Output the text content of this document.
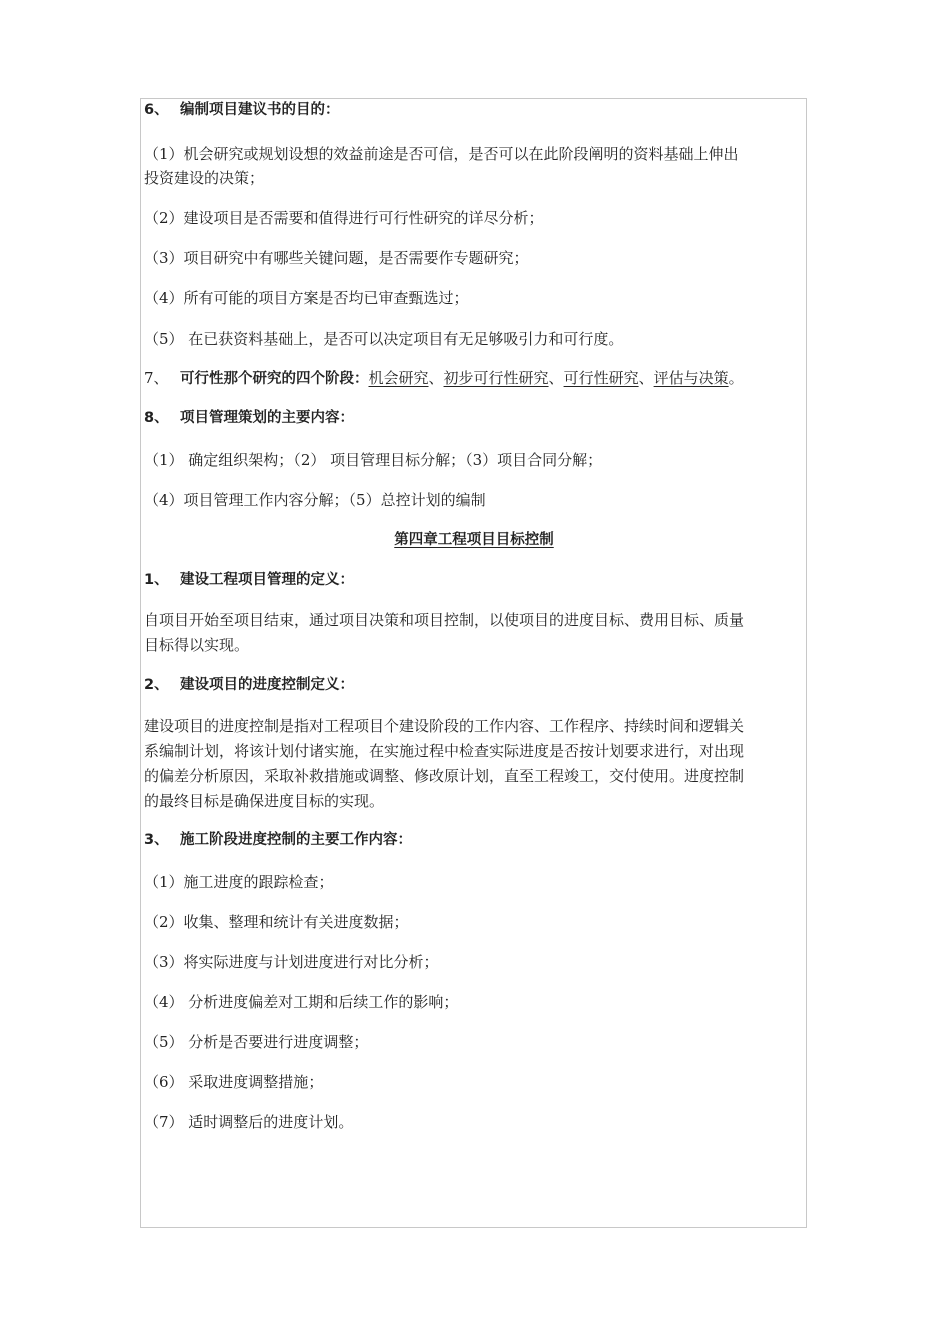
6、 编制项目建议书的目的：
（1）机会研究或规划设想的效益前途是否可信，是否可以在此阶段阐明的资料基础上伸出
投资建设的决策；
（2）建设项目是否需要和值得进行可行性研究的详尽分析；
（3）项目研究中有哪些关键问题，是否需要作专题研究；
（4）所有可能的项目方案是否均已审查甄选过；
（5） 在已获资料基础上，是否可以决定项目有无足够吸引力和可行度。
7、 可行性那个研究的四个阶段：机会研究、初步可行性研究、可行性研究、评估与决策。
8、 项目管理策划的主要内容：
（1） 确定组织架构；（2） 项目管理目标分解；（3）项目合同分解；
（4）项目管理工作内容分解；（5）总控计划的编制
第四章工程项目目标控制
1、 建设工程项目管理的定义：
自项目开始至项目结束，通过项目决策和项目控制，以使项目的进度目标、费用目标、质量
目标得以实现。
2、 建设项目的进度控制定义：
建设项目的进度控制是指对工程项目个建设阶段的工作内容、工作程序、持续时间和逻辑关
系编制计划，将该计划付诸实施，在实施过程中检查实际进度是否按计划要求进行，对出现
的偏差分析原因，采取补救措施或调整、修改原计划，直至工程竣工，交付使用。进度控制
的最终目标是确保进度目标的实现。
3、 施工阶段进度控制的主要工作内容：
（1）施工进度的跟踪检查；
（2）收集、整理和统计有关进度数据；
（3）将实际进度与计划进度进行对比分析；
（4） 分析进度偏差对工期和后续工作的影响；
（5） 分析是否要进行进度调整；
（6） 采取进度调整措施；
（7） 适时调整后的进度计划。
